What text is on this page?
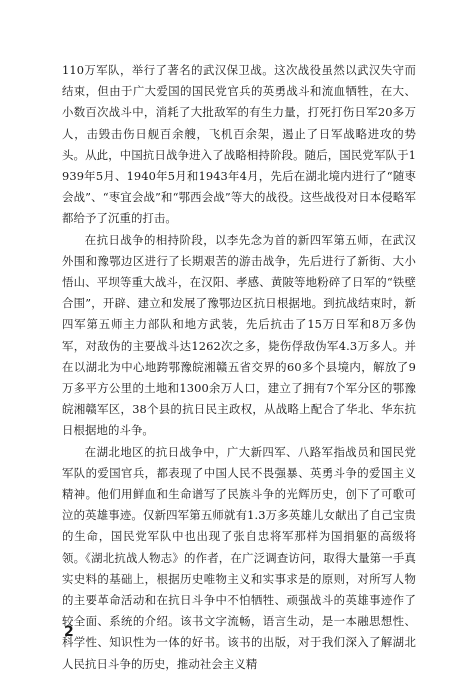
110万军队，举行了著名的武汉保卫战。这次战役虽然以武汉失守而结束，但由于广大爱国的国民党官兵的英勇战斗和流血牺牲，在大、小数百次战斗中，消耗了大批敌军的有生力量，打死打伤日军20多万人，击毁击伤日舰百余艘，飞机百余架，遏止了日军战略进攻的势头。从此，中国抗日战争进入了战略相持阶段。随后，国民党军队于1939年5月、1940年5月和1943年4月，先后在湖北境内进行了“随枣会战”、“枣宜会战”和“鄂西会战”等大的战役。这些战役对日本侵略军都给予了沉重的打击。

在抗日战争的相持阶段，以李先念为首的新四军第五师，在武汉外围和豫鄂边区进行了长期艰苦的游击战争，先后进行了新街、大小悟山、平坝等重大战斗，在汉阳、孝感、黄陂等地粉碎了日军的“铁壁合围”，开辟、建立和发展了豫鄂边区抗日根据地。到抗战结束时，新四军第五师主力部队和地方武装，先后抗击了15万日军和8万多伪军，对敌伪的主要战斗达1262次之多，毙伤俘敌伪军4.3万多人。并在以湖北为中心地跨鄂豫皖湘赣五省交界的60多个县境内，解放了9万多平方公里的土地和1300余万人口，建立了拥有7个军分区的鄂豫皖湘赣军区，38个县的抗日民主政权，从战略上配合了华北、华东抗日根据地的斗争。

在湖北地区的抗日战争中，广大新四军、八路军指战员和国民党军队的爱国官兵，都表现了中国人民不畏强暴、英勇斗争的爱国主义精神。他们用鲜血和生命谱写了民族斗争的光辉历史，创下了可歌可泣的英雄事迹。仅新四军第五师就有1.3万多英雄儿女献出了自己宝贵的生命，国民党军队中也出现了张自忠将军那样为国捐躯的高级将领。《湖北抗战人物志》的作者，在广泛调查访问，取得大量第一手真实史料的基础上，根据历史唯物主义和实事求是的原则，对所写人物的主要革命活动和在抗日斗争中不怕牺牲、顽强战斗的英雄事迹作了较全面、系统的介绍。该书文字流畅，语言生动，是一本融思想性、科学性、知识性为一体的好书。该书的出版，对于我们深入了解湖北人民抗日斗争的历史，推动社会主义精

2
